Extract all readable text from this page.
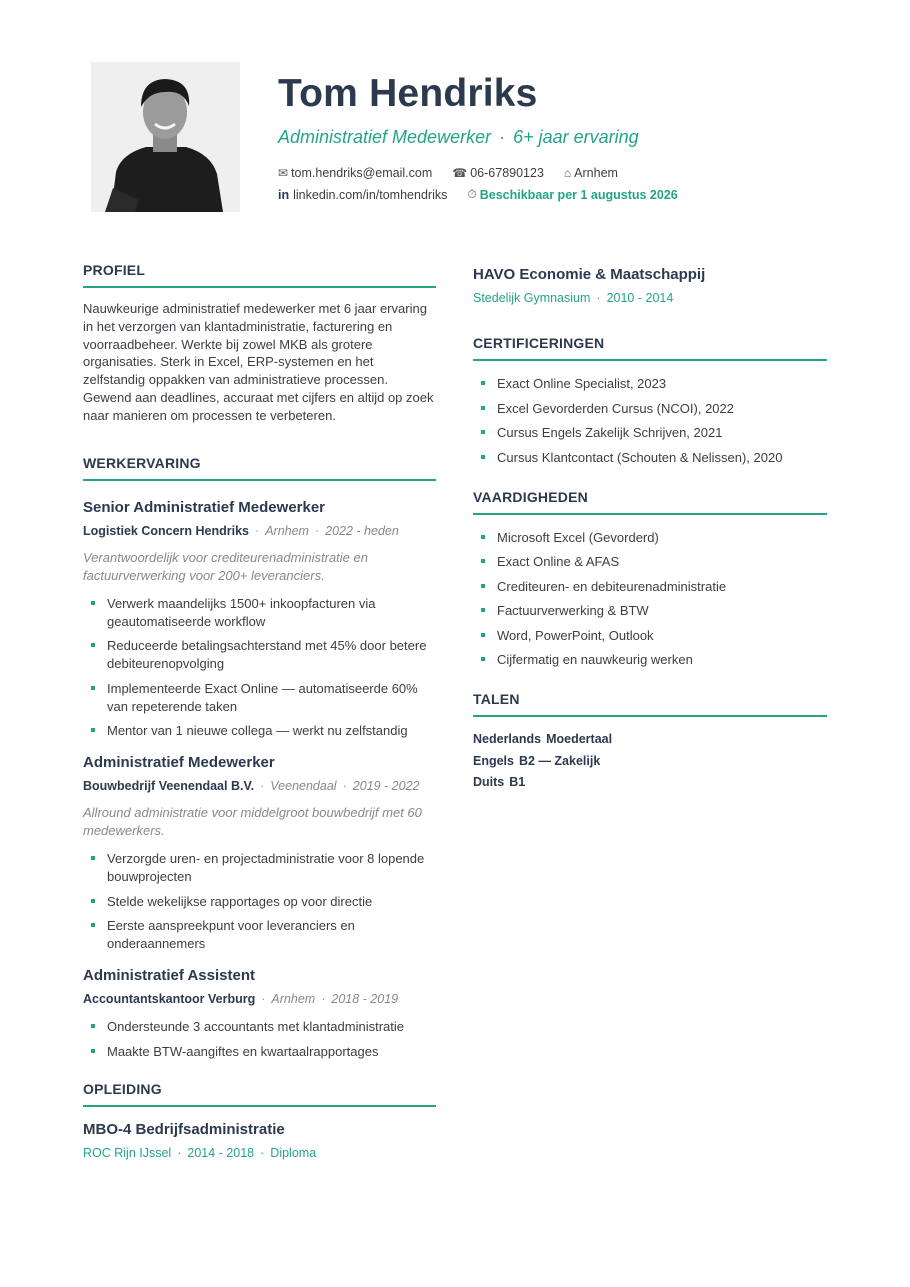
Tom Hendriks
Administratief Medewerker · 6+ jaar ervaring
✉ tom.hendriks@email.com ☎ 06-67890123 ⌂ Arnhem
in linkedin.com/in/tomhendriks ⏱ Beschikbaar per 1 augustus 2026
PROFIEL

Nauwkeurige administratief medewerker met 6 jaar ervaring in het verzorgen van klantadministratie, facturering en voorraadbeheer. Werkte bij zowel MKB als grotere organisaties. Sterk in Excel, ERP-systemen en het zelfstandig oppakken van administratieve processen. Gewend aan deadlines, accuraat met cijfers en altijd op zoek naar manieren om processen te verbeteren.

WERKERVARING
Senior Administratief Medewerker
Logistiek Concern Hendriks · Arnhem · 2022 - heden
Verantwoordelijk voor crediteurenadministratie en factuurverwerking voor 200+ leveranciers.
Verwerk maandelijks 1500+ inkoopfacturen via geautomatiseerde workflow
Reduceerde betalingsachterstand met 45% door betere debiteurenopvolging
Implementeerde Exact Online — automatiseerde 60% van repeterende taken
Mentor van 1 nieuwe collega — werkt nu zelfstandig
Administratief Medewerker
Bouwbedrijf Veenendaal B.V. · Veenendaal · 2019 - 2022
Allround administratie voor middelgroot bouwbedrijf met 60 medewerkers.
Verzorgde uren- en projectadministratie voor 8 lopende bouwprojecten
Stelde wekelijkse rapportages op voor directie
Eerste aanspreekpunt voor leveranciers en onderaannemers
Administratief Assistent
Accountantskantoor Verburg · Arnhem · 2018 - 2019
Ondersteunde 3 accountants met klantadministratie
Maakte BTW-aangiftes en kwartaalrapportages
OPLEIDING
MBO-4 Bedrijfsadministratie
ROC Rijn IJssel · 2014 - 2018 · Diploma
HAVO Economie & Maatschappij
Stedelijk Gymnasium · 2010 - 2014
CERTIFICERINGEN
Exact Online Specialist, 2023
Excel Gevorderden Cursus (NCOI), 2022
Cursus Engels Zakelijk Schrijven, 2021
Cursus Klantcontact (Schouten & Nelissen), 2020
VAARDIGHEDEN
Microsoft Excel (Gevorderd)
Exact Online & AFAS
Crediteuren- en debiteurenadministratie
Factuurverwerking & BTW
Word, PowerPoint, Outlook
Cijfermatig en nauwkeurig werken
TALEN
Nederlands Moedertaal
Engels B2 — Zakelijk
Duits B1
